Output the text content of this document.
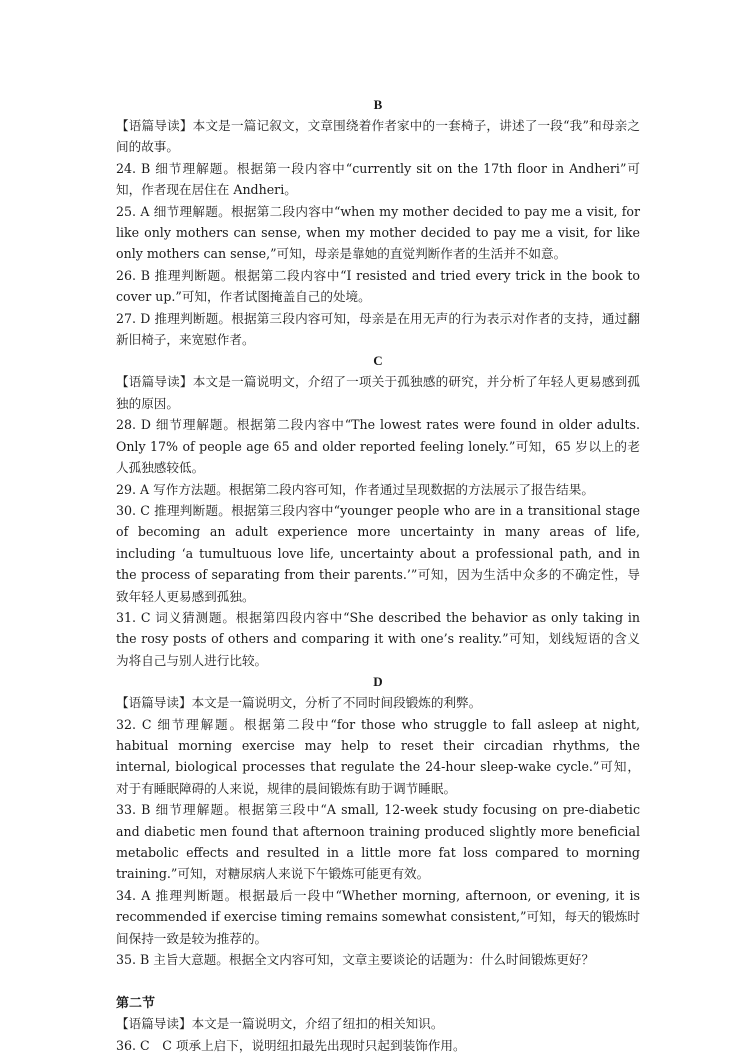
B

【语篇导读】本文是一篇记叙文，文章围绕着作者家中的一套椅子，讲述了一段“我”和母亲之间的故事。

24. B 细节理解题。根据第一段内容中“currently sit on the 17th floor in Andheri”可知，作者现在居住在 Andheri。

25. A 细节理解题。根据第二段内容中“when my mother decided to pay me a visit, for like only mothers can sense, when my mother decided to pay me a visit, for like only mothers can sense,”可知，母亲是靠她的直觉判断作者的生活并不如意。

26. B 推理判断题。根据第二段内容中“I resisted and tried every trick in the book to cover up.”可知，作者试图掩盖自己的处境。

27. D 推理判断题。根据第三段内容可知，母亲是在用无声的行为表示对作者的支持，通过翻新旧椅子，来宽慰作者。

C

【语篇导读】本文是一篇说明文，介绍了一项关于孤独感的研究，并分析了年轻人更易感到孤独的原因。

28. D 细节理解题。根据第二段内容中“The lowest rates were found in older adults. Only 17% of people age 65 and older reported feeling lonely.”可知，65 岁以上的老人孤独感较低。

29. A 写作方法题。根据第二段内容可知，作者通过呈现数据的方法展示了报告结果。

30. C 推理判断题。根据第三段内容中“younger people who are in a transitional stage of becoming an adult experience more uncertainty in many areas of life, including ‘a tumultuous love life, uncertainty about a professional path, and in the process of separating from their parents.’”可知，因为生活中众多的不确定性，导致年轻人更易感到孤独。

31. C 词义猜测题。根据第四段内容中“She described the behavior as only taking in the rosy posts of others and comparing it with one’s reality.”可知，划线短语的含义为将自己与别人进行比较。

D

【语篇导读】本文是一篇说明文，分析了不同时间段锻炼的利弊。

32. C 细节理解题。根据第二段中“for those who struggle to fall asleep at night, habitual morning exercise may help to reset their circadian rhythms, the internal, biological processes that regulate the 24-hour sleep-wake cycle.”可知，对于有睡眠障碍的人来说，规律的晨间锻炼有助于调节睡眠。

33. B 细节理解题。根据第三段中“A small, 12-week study focusing on pre-diabetic and diabetic men found that afternoon training produced slightly more beneficial metabolic effects and resulted in a little more fat loss compared to morning training.”可知，对糖尿病人来说下午锻炼可能更有效。

34. A 推理判断题。根据最后一段中“Whether morning, afternoon, or evening, it is recommended if exercise timing remains somewhat consistent,”可知，每天的锻炼时间保持一致是较为推荐的。

35. B 主旨大意题。根据全文内容可知，文章主要谈论的话题为：什么时间锻炼更好？

第二节

【语篇导读】本文是一篇说明文，介绍了纽扣的相关知识。

36. C　C 项承上启下，说明纽扣最先出现时只起到装饰作用。
